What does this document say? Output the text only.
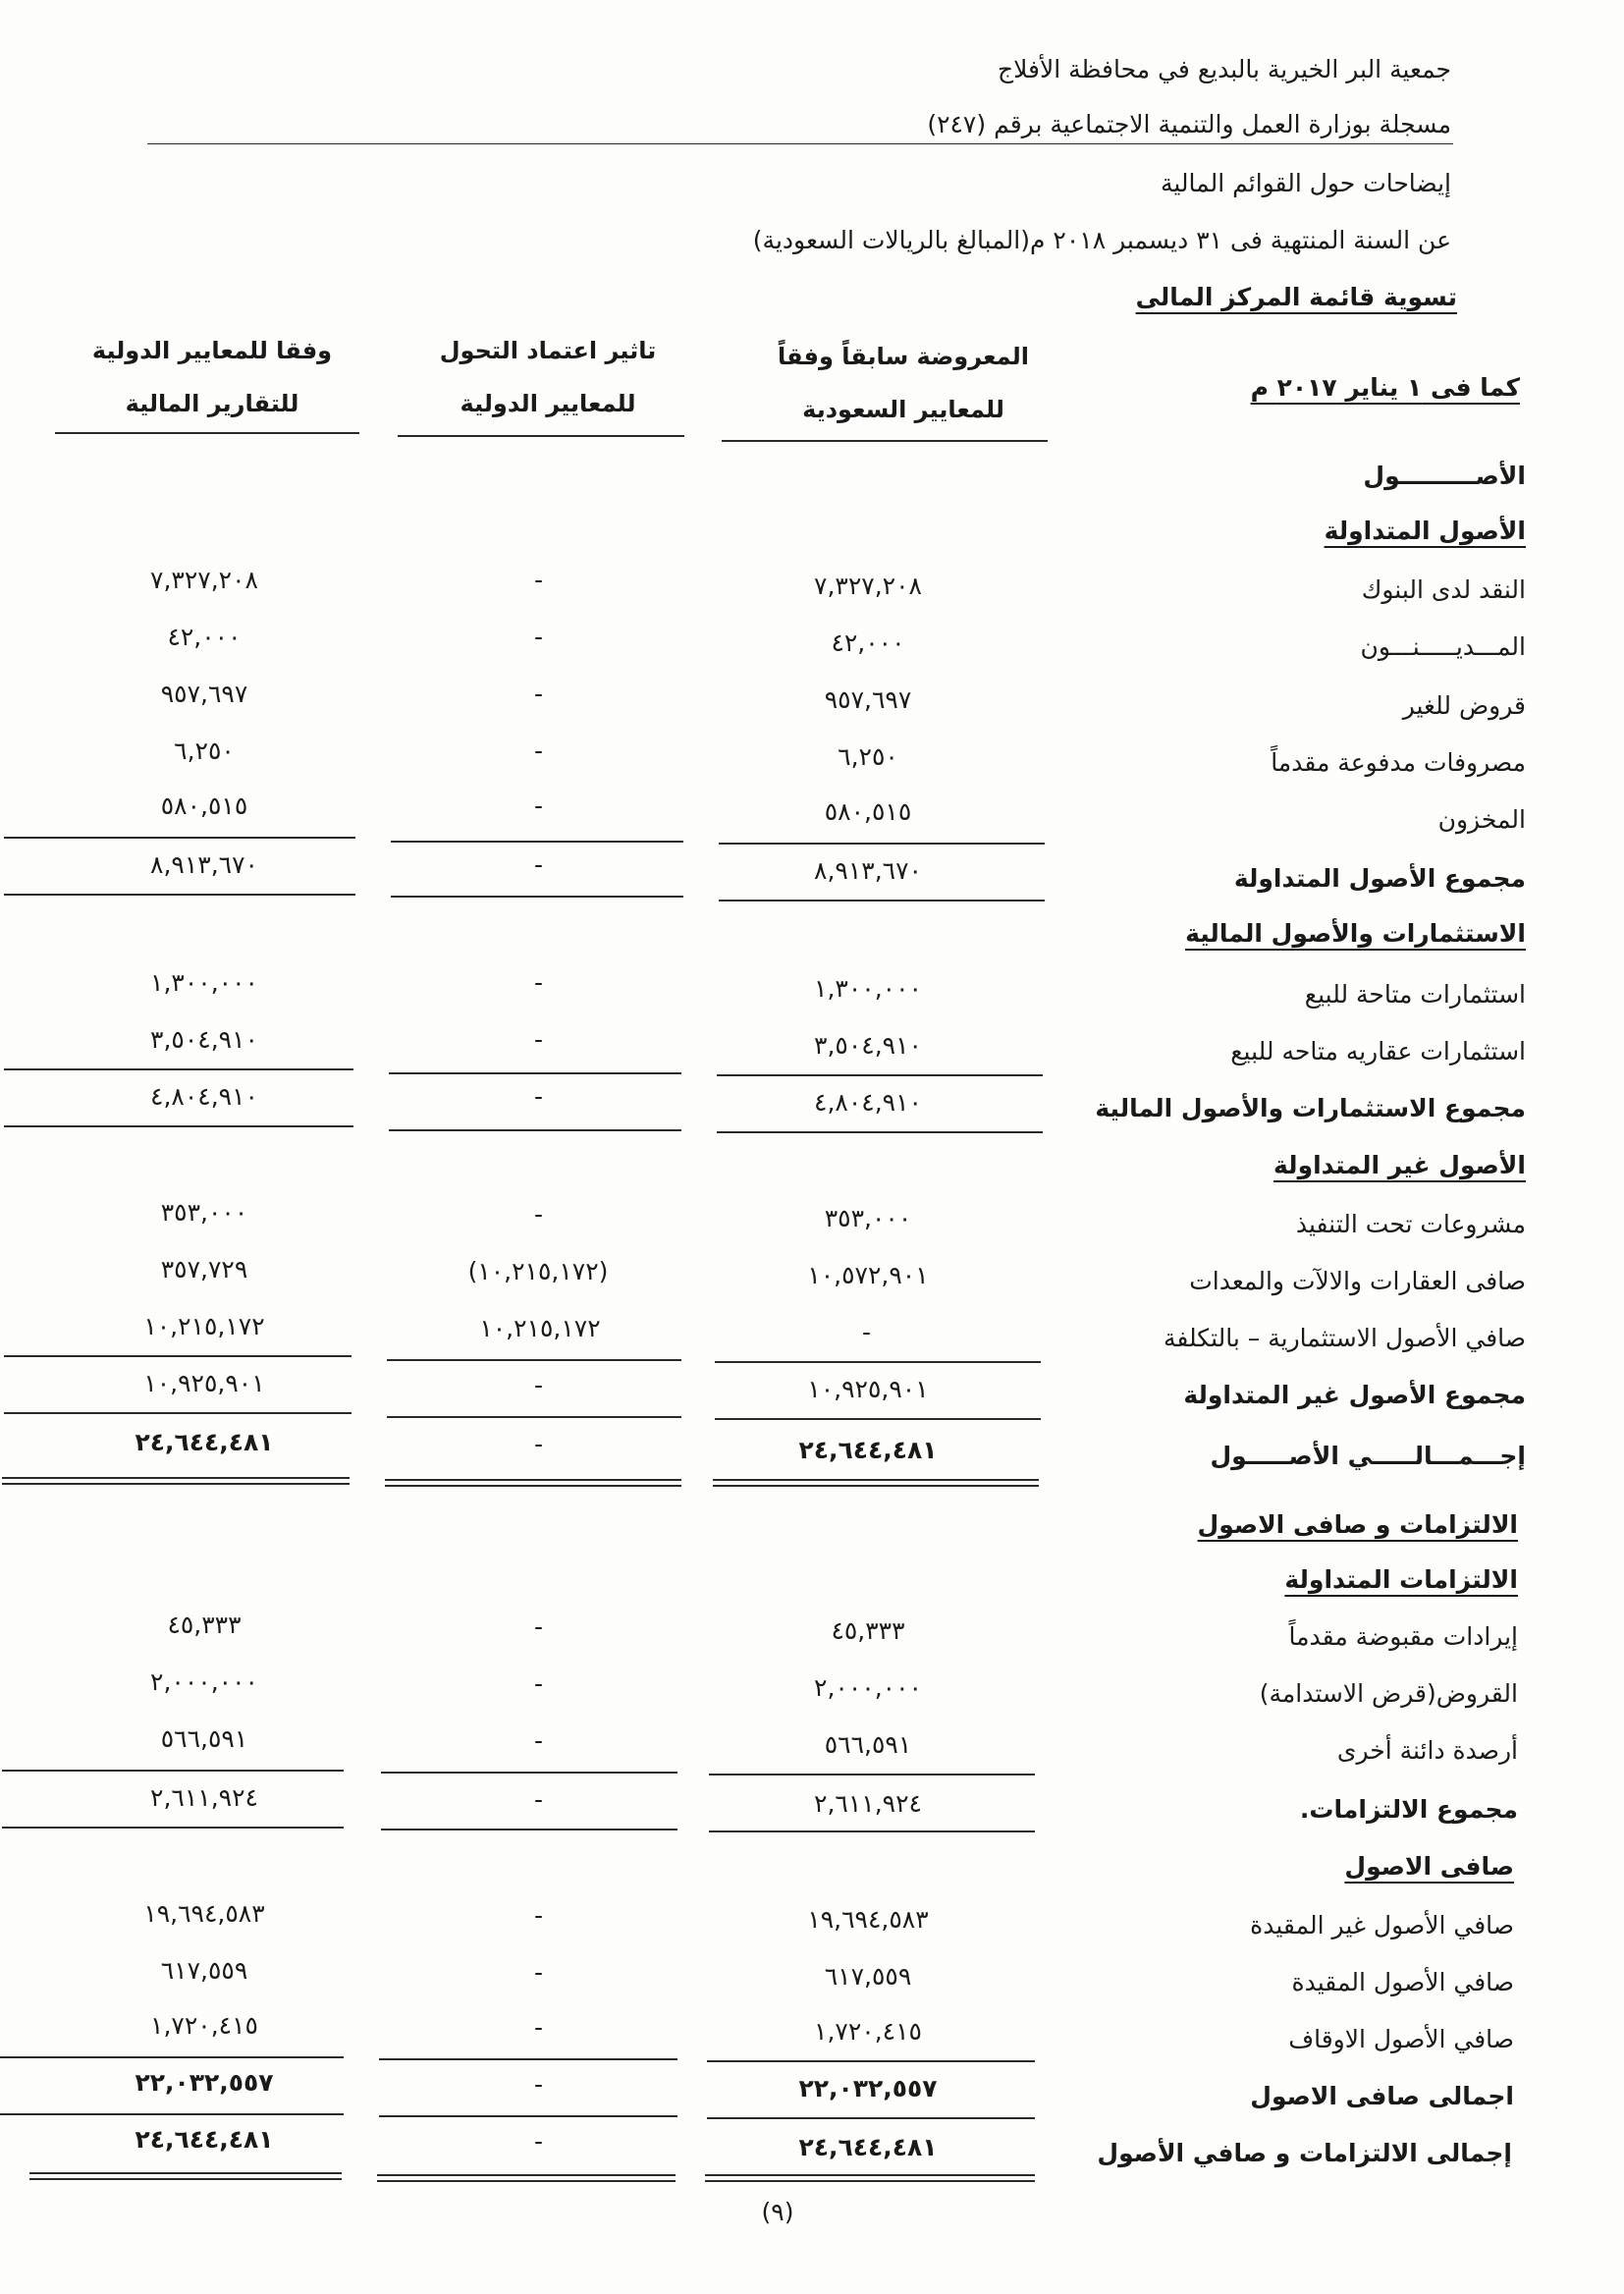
جمعية البر الخيرية بالبديع في محافظة الأفلاج
مسجلة بوزارة العمل والتنمية الاجتماعية برقم (٢٤٧)
إيضاحات حول القوائم المالية
عن السنة المنتهية فى ٣١ ديسمبر ٢٠١٨ م(المبالغ بالريالات السعودية)
تسوية قائمة المركز المالى
كما فى ١ يناير ٢٠١٧ م
المعروضة سابقاً وفقاً
للمعايير السعودية
تاثير اعتماد التحول
للمعايير الدولية
وفقا للمعايير الدولية
للتقارير المالية
الأصـــــــــول
الأصول المتداولة
النقد لدى البنوك
٧,٣٢٧,٢٠٨
-
٧,٣٢٧,٢٠٨
المـــديـــــنـــون
٤٢,٠٠٠
-
٤٢,٠٠٠
قروض للغير
٩٥٧,٦٩٧
-
٩٥٧,٦٩٧
مصروفات مدفوعة مقدماً
٦,٢٥٠
-
٦,٢٥٠
المخزون
٥٨٠,٥١٥
-
٥٨٠,٥١٥
مجموع الأصول المتداولة
٨,٩١٣,٦٧٠
-
٨,٩١٣,٦٧٠
الاستثمارات والأصول المالية
استثمارات متاحة للبيع
١,٣٠٠,٠٠٠
-
١,٣٠٠,٠٠٠
استثمارات عقاريه متاحه للبيع
٣,٥٠٤,٩١٠
-
٣,٥٠٤,٩١٠
مجموع الاستثمارات والأصول المالية
٤,٨٠٤,٩١٠
-
٤,٨٠٤,٩١٠
الأصول غير المتداولة
مشروعات تحت التنفيذ
٣٥٣,٠٠٠
-
٣٥٣,٠٠٠
صافى العقارات والالآت والمعدات
١٠,٥٧٢,٩٠١
(١٠,٢١٥,١٧٢)
٣٥٧,٧٢٩
صافي الأصول الاستثمارية – بالتكلفة
-
١٠,٢١٥,١٧٢
١٠,٢١٥,١٧٢
مجموع الأصول غير المتداولة
١٠,٩٢٥,٩٠١
-
١٠,٩٢٥,٩٠١
إجـــمـــالـــــي الأصـــــول
٢٤,٦٤٤,٤٨١
-
٢٤,٦٤٤,٤٨١
الالتزامات و صافى الاصول
الالتزامات المتداولة
إيرادات مقبوضة مقدماً
٤٥,٣٣٣
-
٤٥,٣٣٣
القروض(قرض الاستدامة)
٢,٠٠٠,٠٠٠
-
٢,٠٠٠,٠٠٠
أرصدة دائنة أخرى
٥٦٦,٥٩١
-
٥٦٦,٥٩١
مجموع الالتزامات.
٢,٦١١,٩٢٤
-
٢,٦١١,٩٢٤
صافى الاصول
صافي الأصول غير المقيدة
١٩,٦٩٤,٥٨٣
-
١٩,٦٩٤,٥٨٣
صافي الأصول المقيدة
٦١٧,٥٥٩
-
٦١٧,٥٥٩
صافي الأصول الاوقاف
١,٧٢٠,٤١٥
-
١,٧٢٠,٤١٥
اجمالى صافى الاصول
٢٢,٠٣٢,٥٥٧
-
٢٢,٠٣٢,٥٥٧
إجمالى الالتزامات و صافي الأصول
٢٤,٦٤٤,٤٨١
-
٢٤,٦٤٤,٤٨١
(٩)
